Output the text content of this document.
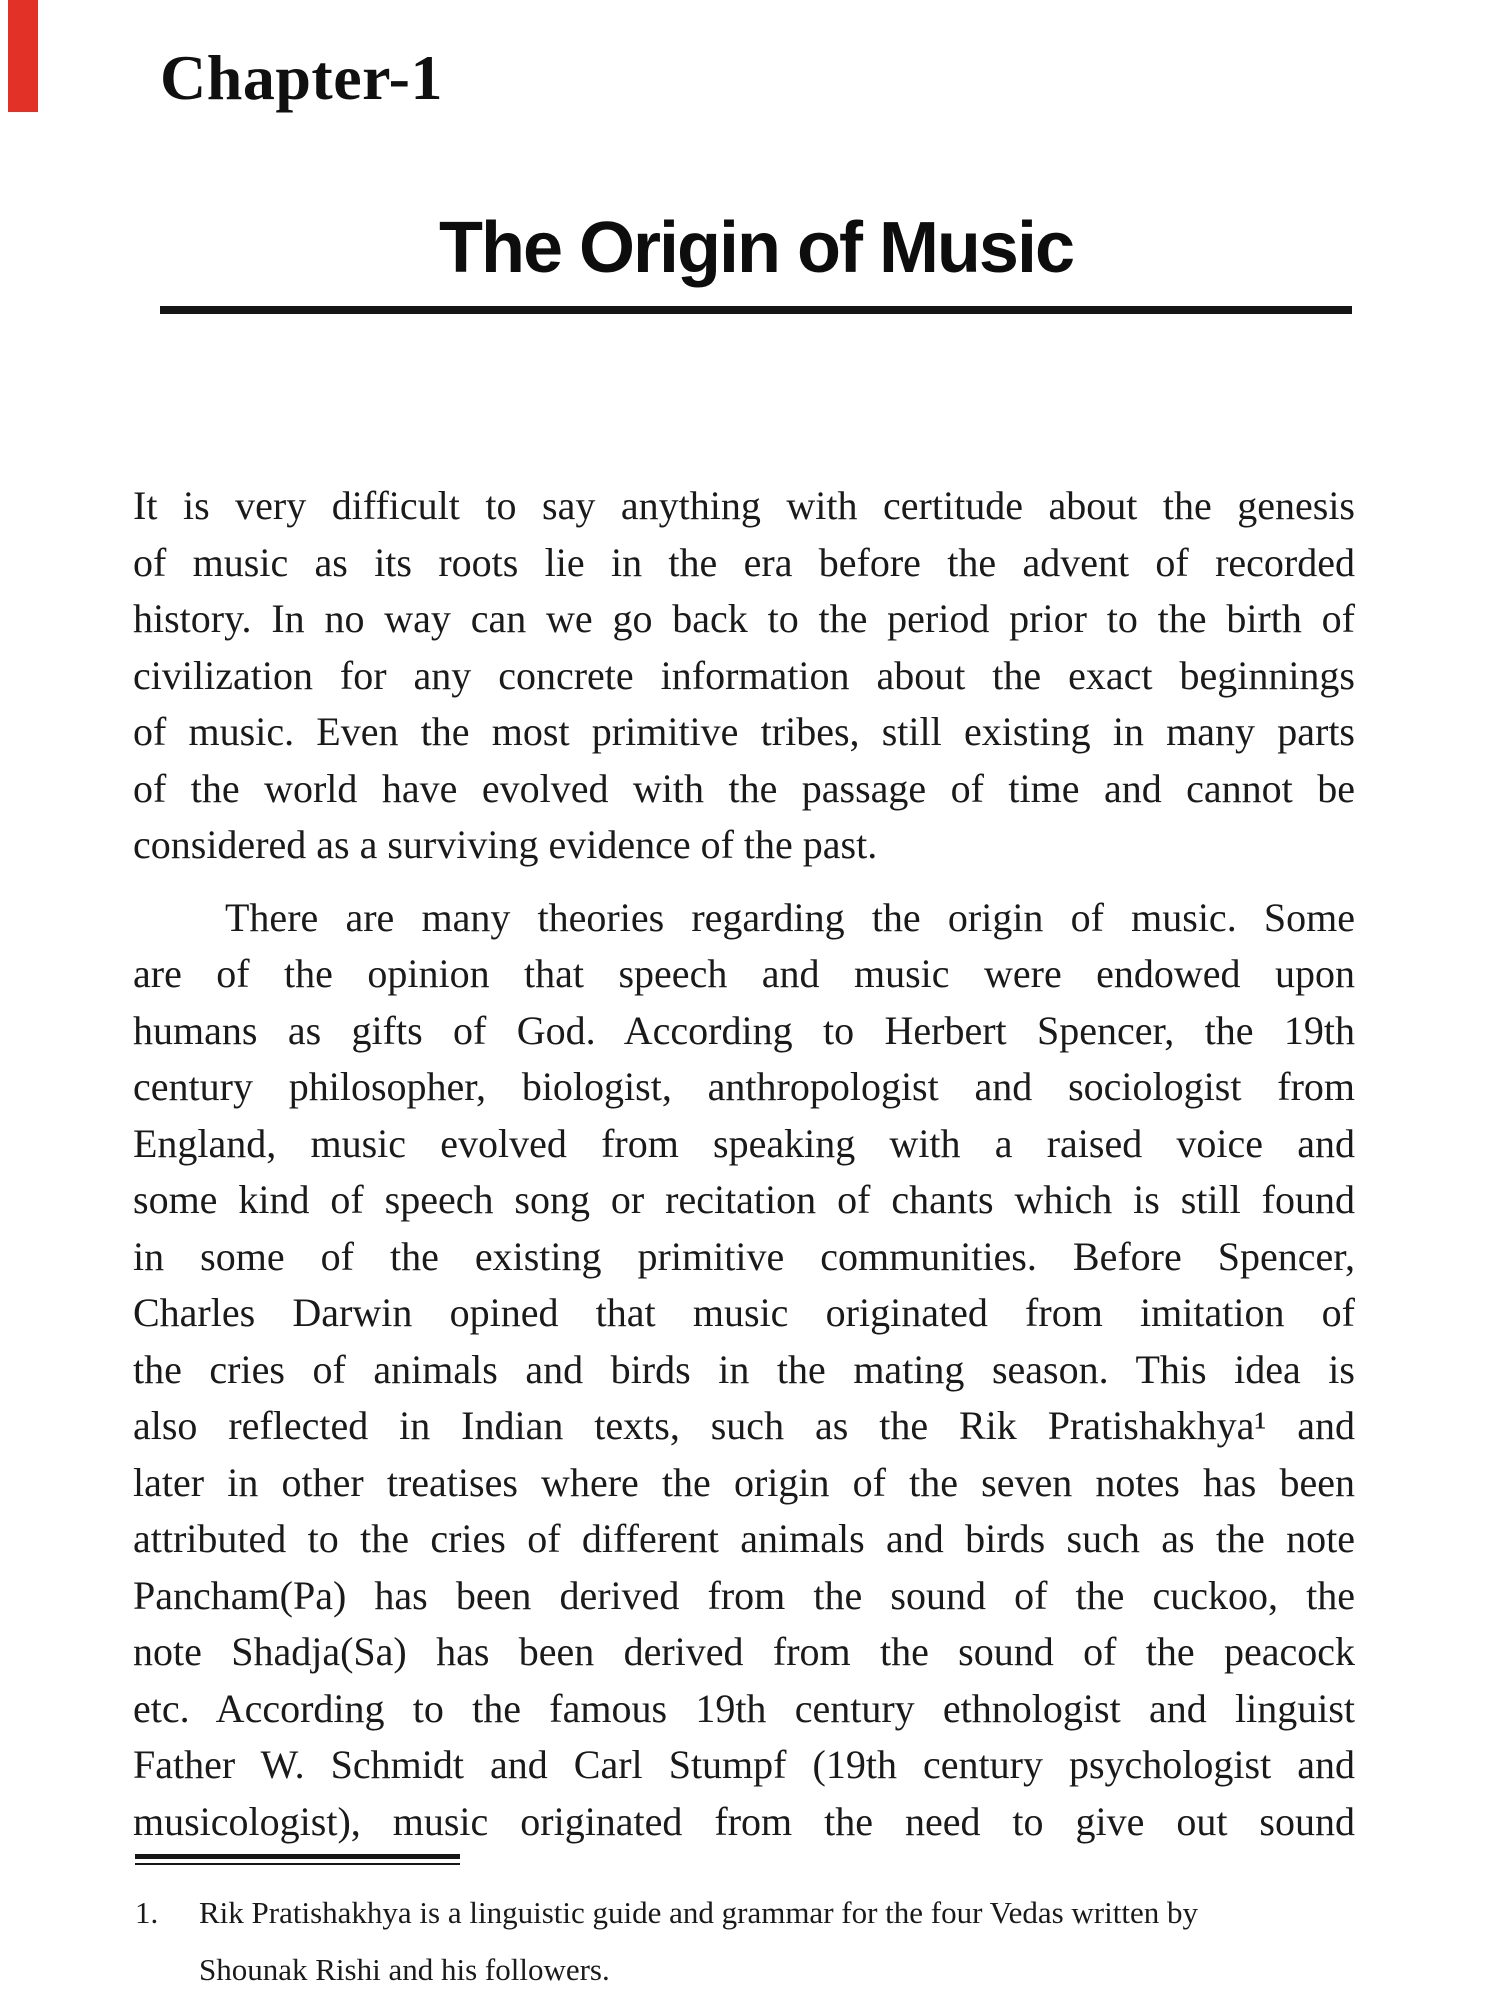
Chapter-1
The Origin of Music
It is very difficult to say anything with certitude about the genesis
of music as its roots lie in the era before the advent of recorded
history. In no way can we go back to the period prior to the birth of
civilization for any concrete information about the exact beginnings
of music. Even the most primitive tribes, still existing in many parts
of the world have evolved with the passage of time and cannot be
considered as a surviving evidence of the past.
There are many theories regarding the origin of music. Some
are of the opinion that speech and music were endowed upon
humans as gifts of God. According to Herbert Spencer, the 19th
century philosopher, biologist, anthropologist and sociologist from
England, music evolved from speaking with a raised voice and
some kind of speech song or recitation of chants which is still found
in some of the existing primitive communities. Before Spencer,
Charles Darwin opined that music originated from imitation of
the cries of animals and birds in the mating season. This idea is
also reflected in Indian texts, such as the Rik Pratishakhya¹ and
later in other treatises where the origin of the seven notes has been
attributed to the cries of different animals and birds such as the note
Pancham(Pa) has been derived from the sound of the cuckoo, the
note Shadja(Sa) has been derived from the sound of the peacock
etc. According to the famous 19th century ethnologist and linguist
Father W. Schmidt and Carl Stumpf (19th century psychologist and
musicologist), music originated from the need to give out sound
1.	Rik Pratishakhya is a linguistic guide and grammar for the four Vedas written by
Shounak Rishi and his followers.
